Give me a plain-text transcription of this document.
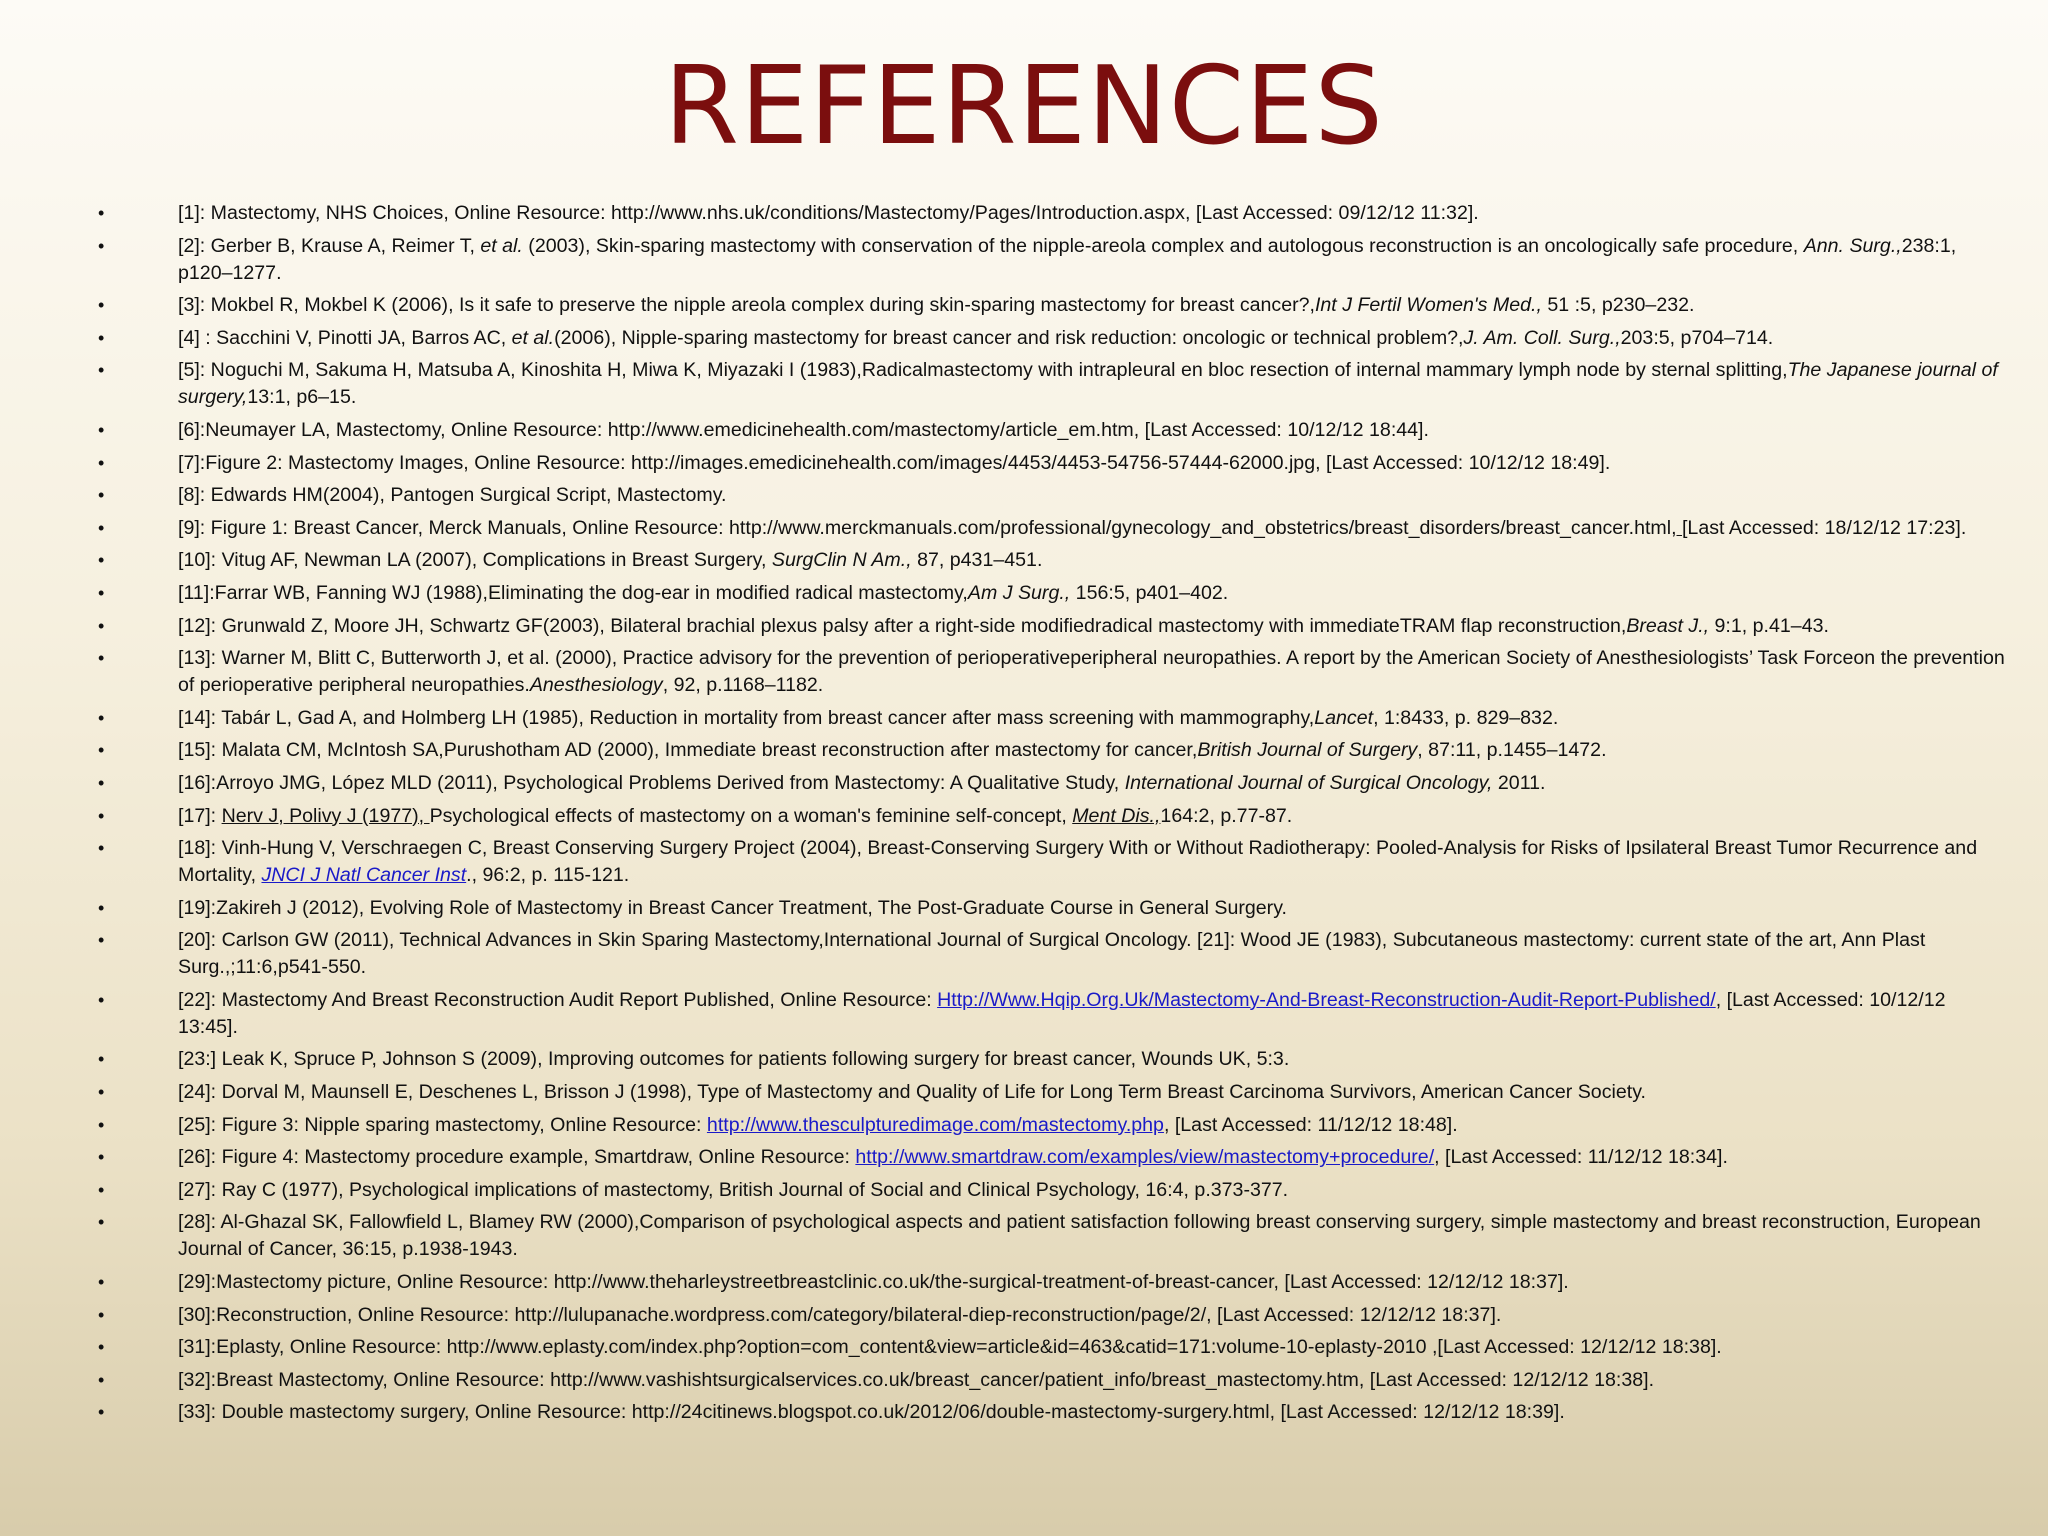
REFERENCES
•	[1]: Mastectomy, NHS Choices, Online Resource: http://www.nhs.uk/conditions/Mastectomy/Pages/Introduction.aspx, [Last Accessed: 09/12/12 11:32].
•	[2]: Gerber B, Krause A, Reimer T, et al. (2003), Skin-sparing mastectomy with conservation of the nipple-areola complex and autologous reconstruction is an oncologically safe procedure, Ann. Surg.,238:1, p120–1277.
•	[3]: Mokbel R, Mokbel K (2006), Is it safe to preserve the nipple areola complex during skin-sparing mastectomy for breast cancer?,Int J Fertil Women's Med., 51 :5, p230–232.
•	[4] : Sacchini V, Pinotti JA, Barros AC, et al.(2006), Nipple-sparing mastectomy for breast cancer and risk reduction: oncologic or technical problem?,J. Am. Coll. Surg.,203:5, p704–714.
•	[5]: Noguchi M, Sakuma H, Matsuba A, Kinoshita H, Miwa K, Miyazaki I (1983),Radicalmastectomy with intrapleural en bloc resection of internal mammary lymph node by sternal splitting,The Japanese journal of surgery,13:1, p6–15.
•	[6]:Neumayer LA, Mastectomy, Online Resource: http://www.emedicinehealth.com/mastectomy/article_em.htm, [Last Accessed: 10/12/12 18:44].
•	[7]:Figure 2: Mastectomy Images, Online Resource: http://images.emedicinehealth.com/images/4453/4453-54756-57444-62000.jpg, [Last Accessed: 10/12/12 18:49].
•	[8]: Edwards HM(2004), Pantogen Surgical Script, Mastectomy.
•	[9]: Figure 1: Breast Cancer, Merck Manuals, Online Resource: http://www.merckmanuals.com/professional/gynecology_and_obstetrics/breast_disorders/breast_cancer.html, [Last Accessed: 18/12/12 17:23].
•	[10]: Vitug AF, Newman LA (2007), Complications in Breast Surgery, SurgClin N Am., 87, p431–451.
•	[11]:Farrar WB, Fanning WJ (1988),Eliminating the dog-ear in modified radical mastectomy,Am J Surg., 156:5, p401–402.
•	[12]: Grunwald Z, Moore JH, Schwartz GF(2003), Bilateral brachial plexus palsy after a right-side modifiedradical mastectomy with immediateTRAM flap reconstruction,Breast J., 9:1, p.41–43.
•	[13]: Warner M, Blitt C, Butterworth J, et al. (2000), Practice advisory for the prevention of perioperativeperipheral neuropathies. A report by the American Society of Anesthesiologists’ Task Forceon the prevention of perioperative peripheral neuropathies.Anesthesiology, 92, p.1168–1182.
•	[14]: Tabár L, Gad A, and Holmberg LH (1985), Reduction in mortality from breast cancer after mass screening with mammography,Lancet, 1:8433, p. 829–832.
•	[15]: Malata CM, McIntosh SA,Purushotham AD (2000), Immediate breast reconstruction after mastectomy for cancer,British Journal of Surgery, 87:11, p.1455–1472.
•	[16]:Arroyo JMG, López MLD (2011), Psychological Problems Derived from Mastectomy: A Qualitative Study, International Journal of Surgical Oncology, 2011.
•	[17]: Nerv J, Polivy J (1977), Psychological effects of mastectomy on a woman's feminine self-concept, Ment Dis.,164:2, p.77-87.
•	[18]: Vinh-Hung V, Verschraegen C, Breast Conserving Surgery Project (2004), Breast-Conserving Surgery With or Without Radiotherapy: Pooled-Analysis for Risks of Ipsilateral Breast Tumor Recurrence and Mortality, JNCI J Natl Cancer Inst., 96:2, p. 115-121.
•	[19]:Zakireh J (2012), Evolving Role of Mastectomy in Breast Cancer Treatment, The Post-Graduate Course in General Surgery.
•	[20]: Carlson GW (2011), Technical Advances in Skin Sparing Mastectomy,International Journal of Surgical Oncology. [21]: Wood JE (1983), Subcutaneous mastectomy: current state of the art, Ann Plast Surg.,;11:6,p541-550.
•	[22]: Mastectomy And Breast Reconstruction Audit Report Published, Online Resource: Http://Www.Hqip.Org.Uk/Mastectomy-And-Breast-Reconstruction-Audit-Report-Published/, [Last Accessed: 10/12/12 13:45].
•	[23:] Leak K, Spruce P, Johnson S (2009), Improving outcomes for patients following surgery for breast cancer, Wounds UK, 5:3.
•	[24]: Dorval M, Maunsell E, Deschenes L, Brisson J (1998), Type of Mastectomy and Quality of Life for Long Term Breast Carcinoma Survivors, American Cancer Society.
•	[25]: Figure 3: Nipple sparing mastectomy, Online Resource: http://www.thesculpturedimage.com/mastectomy.php, [Last Accessed: 11/12/12 18:48].
•	[26]: Figure 4: Mastectomy procedure example, Smartdraw, Online Resource: http://www.smartdraw.com/examples/view/mastectomy+procedure/, [Last Accessed: 11/12/12 18:34].
•	[27]: Ray C (1977), Psychological implications of mastectomy, British Journal of Social and Clinical Psychology, 16:4, p.373-377.
•	[28]: Al-Ghazal SK, Fallowfield L, Blamey RW (2000),Comparison of psychological aspects and patient satisfaction following breast conserving surgery, simple mastectomy and breast reconstruction, European Journal of Cancer, 36:15, p.1938-1943.
•	[29]:Mastectomy picture, Online Resource: http://www.theharleystreetbreastclinic.co.uk/the-surgical-treatment-of-breast-cancer, [Last Accessed: 12/12/12 18:37].
•	[30]:Reconstruction, Online Resource: http://lulupanache.wordpress.com/category/bilateral-diep-reconstruction/page/2/, [Last Accessed: 12/12/12 18:37].
•	[31]:Eplasty, Online Resource: http://www.eplasty.com/index.php?option=com_content&view=article&id=463&catid=171:volume-10-eplasty-2010 ,[Last Accessed: 12/12/12 18:38].
•	[32]:Breast Mastectomy, Online Resource: http://www.vashishtsurgicalservices.co.uk/breast_cancer/patient_info/breast_mastectomy.htm, [Last Accessed: 12/12/12 18:38].
•	[33]: Double mastectomy surgery, Online Resource: http://24citinews.blogspot.co.uk/2012/06/double-mastectomy-surgery.html, [Last Accessed: 12/12/12 18:39].
